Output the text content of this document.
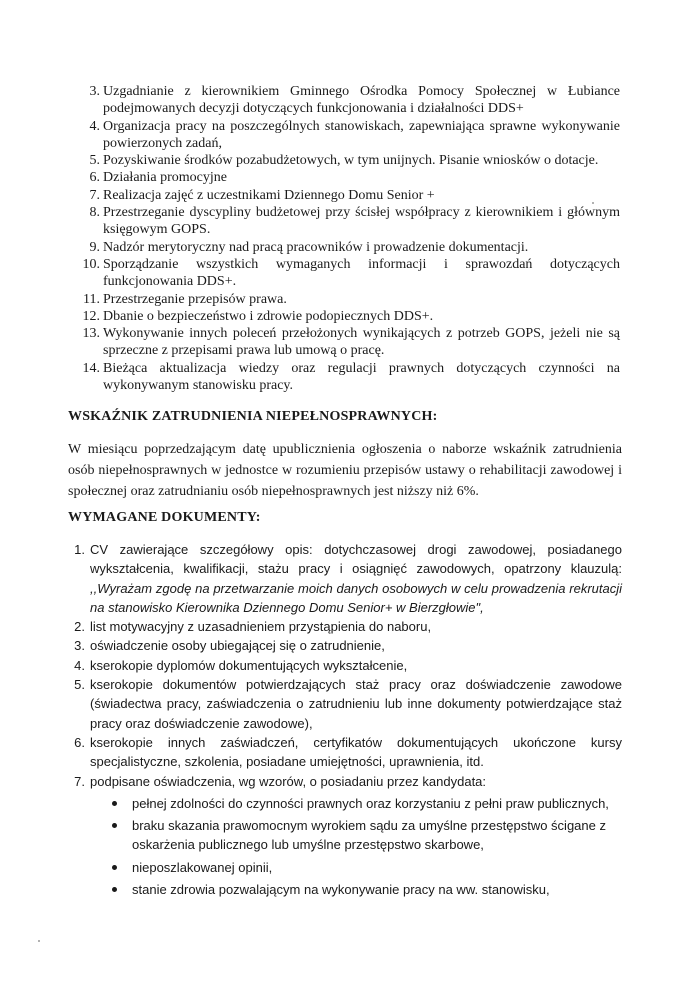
3. Uzgadnianie z kierownikiem Gminnego Ośrodka Pomocy Społecznej w Łubiance podejmowanych decyzji dotyczących funkcjonowania i działalności DDS+
4. Organizacja pracy na poszczególnych stanowiskach, zapewniająca sprawne wykonywanie powierzonych zadań,
5. Pozyskiwanie środków pozabudżetowych, w tym unijnych. Pisanie wniosków o dotacje.
6. Działania promocyjne
7. Realizacja zajęć z uczestnikami Dziennego Domu Senior +
8. Przestrzeganie dyscypliny budżetowej przy ścisłej współpracy z kierownikiem i głównym księgowym GOPS.
9. Nadzór merytoryczny nad pracą pracowników i prowadzenie dokumentacji.
10. Sporządzanie wszystkich wymaganych informacji i sprawozdań dotyczących funkcjonowania DDS+.
11. Przestrzeganie przepisów prawa.
12. Dbanie o bezpieczeństwo i zdrowie podopiecznych DDS+.
13. Wykonywanie innych poleceń przełożonych wynikających z potrzeb GOPS, jeżeli nie są sprzeczne z przepisami prawa lub umową o pracę.
14. Bieżąca aktualizacja wiedzy oraz regulacji prawnych dotyczących czynności na wykonywanym stanowisku pracy.
WSKAŹNIK ZATRUDNIENIA NIEPEŁNOSPRAWNYCH:

W miesiącu poprzedzającym datę upublicznienia ogłoszenia o naborze wskaźnik zatrudnienia osób niepełnosprawnych w jednostce w rozumieniu przepisów ustawy o rehabilitacji zawodowej i społecznej oraz zatrudnianiu osób niepełnosprawnych jest niższy niż 6%.

WYMAGANE DOKUMENTY:
1. CV zawierające szczegółowy opis: dotychczasowej drogi zawodowej, posiadanego wykształcenia, kwalifikacji, stażu pracy i osiągnięć zawodowych, opatrzony klauzulą: ,,Wyrażam zgodę na przetwarzanie moich danych osobowych w celu prowadzenia rekrutacji na stanowisko Kierownika Dziennego Domu Senior+ w Bierzgłowie",
2. list motywacyjny z uzasadnieniem przystąpienia do naboru,
3. oświadczenie osoby ubiegającej się o zatrudnienie,
4. kserokopie dyplomów dokumentujących wykształcenie,
5. kserokopie dokumentów potwierdzających staż pracy oraz doświadczenie zawodowe (świadectwa pracy, zaświadczenia o zatrudnieniu lub inne dokumenty potwierdzające staż pracy oraz doświadczenie zawodowe),
6. kserokopie innych zaświadczeń, certyfikatów dokumentujących ukończone kursy specjalistyczne, szkolenia, posiadane umiejętności, uprawnienia, itd.
7. podpisane oświadczenia, wg wzorów, o posiadaniu przez kandydata:
pełnej zdolności do czynności prawnych oraz korzystaniu z pełni praw publicznych,
braku skazania prawomocnym wyrokiem sądu za umyślne przestępstwo ścigane z oskarżenia publicznego lub umyślne przestępstwo skarbowe,
nieposzlakowanej opinii,
stanie zdrowia pozwalającym na wykonywanie pracy na ww. stanowisku,
